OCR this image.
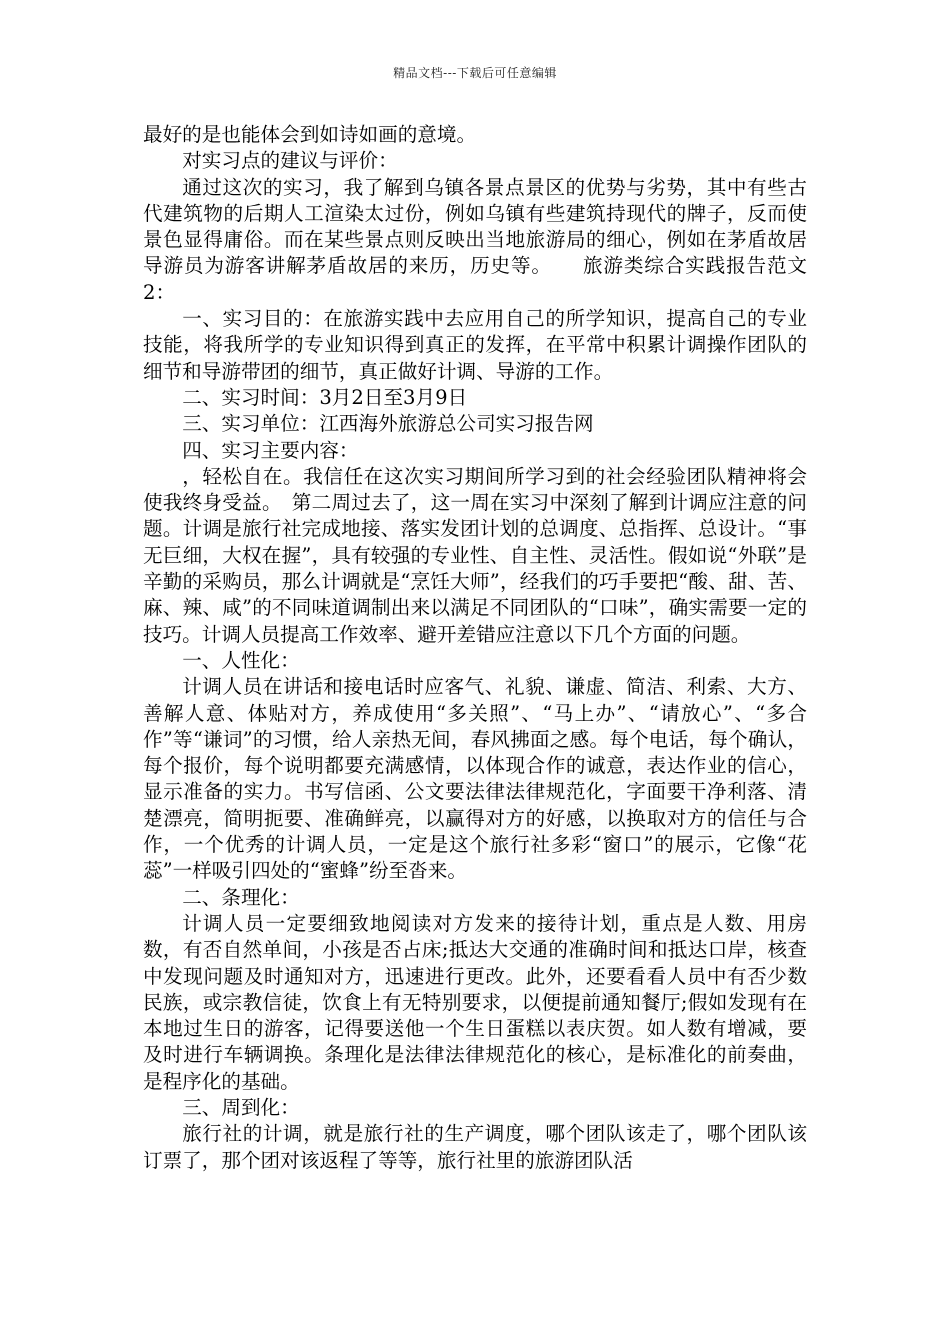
精品文档---下载后可任意编辑

最好的是也能体会到如诗如画的意境。

对实习点的建议与评价：

通过这次的实习，我了解到乌镇各景点景区的优势与劣势，其中有些古代建筑物的后期人工渲染太过份，例如乌镇有些建筑持现代的牌子，反而使景色显得庸俗。而在某些景点则反映出当地旅游局的细心，例如在茅盾故居导游员为游客讲解茅盾故居的来历，历史等。　　旅游类综合实践报告范文2：

一、实习目的：在旅游实践中去应用自己的所学知识，提高自己的专业技能，将我所学的专业知识得到真正的发挥，在平常中积累计调操作团队的细节和导游带团的细节，真正做好计调、导游的工作。

二、实习时间：3月2日至3月9日

三、实习单位：江西海外旅游总公司实习报告网

四、实习主要内容：

，轻松自在。我信任在这次实习期间所学习到的社会经验团队精神将会使我终身受益。　第二周过去了，这一周在实习中深刻了解到计调应注意的问题。计调是旅行社完成地接、落实发团计划的总调度、总指挥、总设计。“事无巨细，大权在握”，具有较强的专业性、自主性、灵活性。假如说“外联”是辛勤的采购员，那么计调就是“烹饪大师”，经我们的巧手要把“酸、甜、苦、麻、辣、咸”的不同味道调制出来以满足不同团队的“口味”，确实需要一定的技巧。计调人员提高工作效率、避开差错应注意以下几个方面的问题。

一、人性化：

计调人员在讲话和接电话时应客气、礼貌、谦虚、简洁、利索、大方、善解人意、体贴对方，养成使用“多关照”、“马上办”、“请放心”、“多合作”等“谦词”的习惯，给人亲热无间，春风拂面之感。每个电话，每个确认，每个报价，每个说明都要充满感情，以体现合作的诚意，表达作业的信心，显示准备的实力。书写信函、公文要法律法律规范化，字面要干净利落、清楚漂亮，简明扼要、准确鲜亮，以赢得对方的好感，以换取对方的信任与合作，一个优秀的计调人员，一定是这个旅行社多彩“窗口”的展示，它像“花蕊”一样吸引四处的“蜜蜂”纷至沓来。

二、条理化：

计调人员一定要细致地阅读对方发来的接待计划，重点是人数、用房数，有否自然单间，小孩是否占床;抵达大交通的准确时间和抵达口岸，核查中发现问题及时通知对方，迅速进行更改。此外，还要看看人员中有否少数民族，或宗教信徒，饮食上有无特别要求，以便提前通知餐厅;假如发现有在本地过生日的游客，记得要送他一个生日蛋糕以表庆贺。如人数有增减，要及时进行车辆调换。条理化是法律法律规范化的核心，是标准化的前奏曲，是程序化的基础。

三、周到化：

旅行社的计调，就是旅行社的生产调度，哪个团队该走了，哪个团队该订票了，那个团对该返程了等等，旅行社里的旅游团队活
